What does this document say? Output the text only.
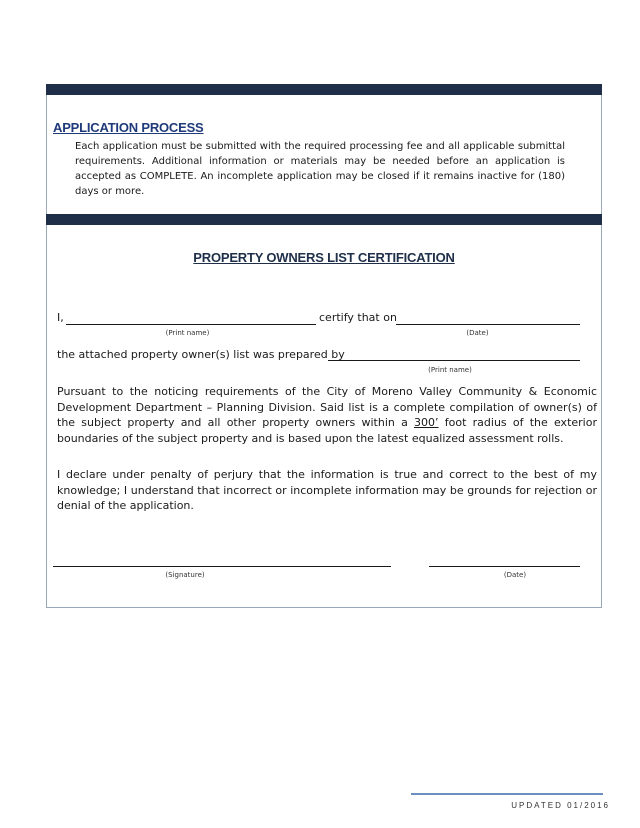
APPLICATION PROCESS
Each application must be submitted with the required processing fee and all applicable submittal requirements. Additional information or materials may be needed before an application is accepted as COMPLETE. An incomplete application may be closed if it remains inactive for (180) days or more.
PROPERTY OWNERS LIST CERTIFICATION
I,	certify that on
(Print name)	(Date)
the attached property owner(s) list was prepared by
(Print name)
Pursuant to the noticing requirements of the City of Moreno Valley Community & Economic Development Department – Planning Division. Said list is a complete compilation of owner(s) of the subject property and all other property owners within a 300’ foot radius of the exterior boundaries of the subject property and is based upon the latest equalized assessment rolls.
I declare under penalty of perjury that the information is true and correct to the best of my knowledge; I understand that incorrect or incomplete information may be grounds for rejection or denial of the application.
(Signature)	(Date)
UPDATED 01/2016
